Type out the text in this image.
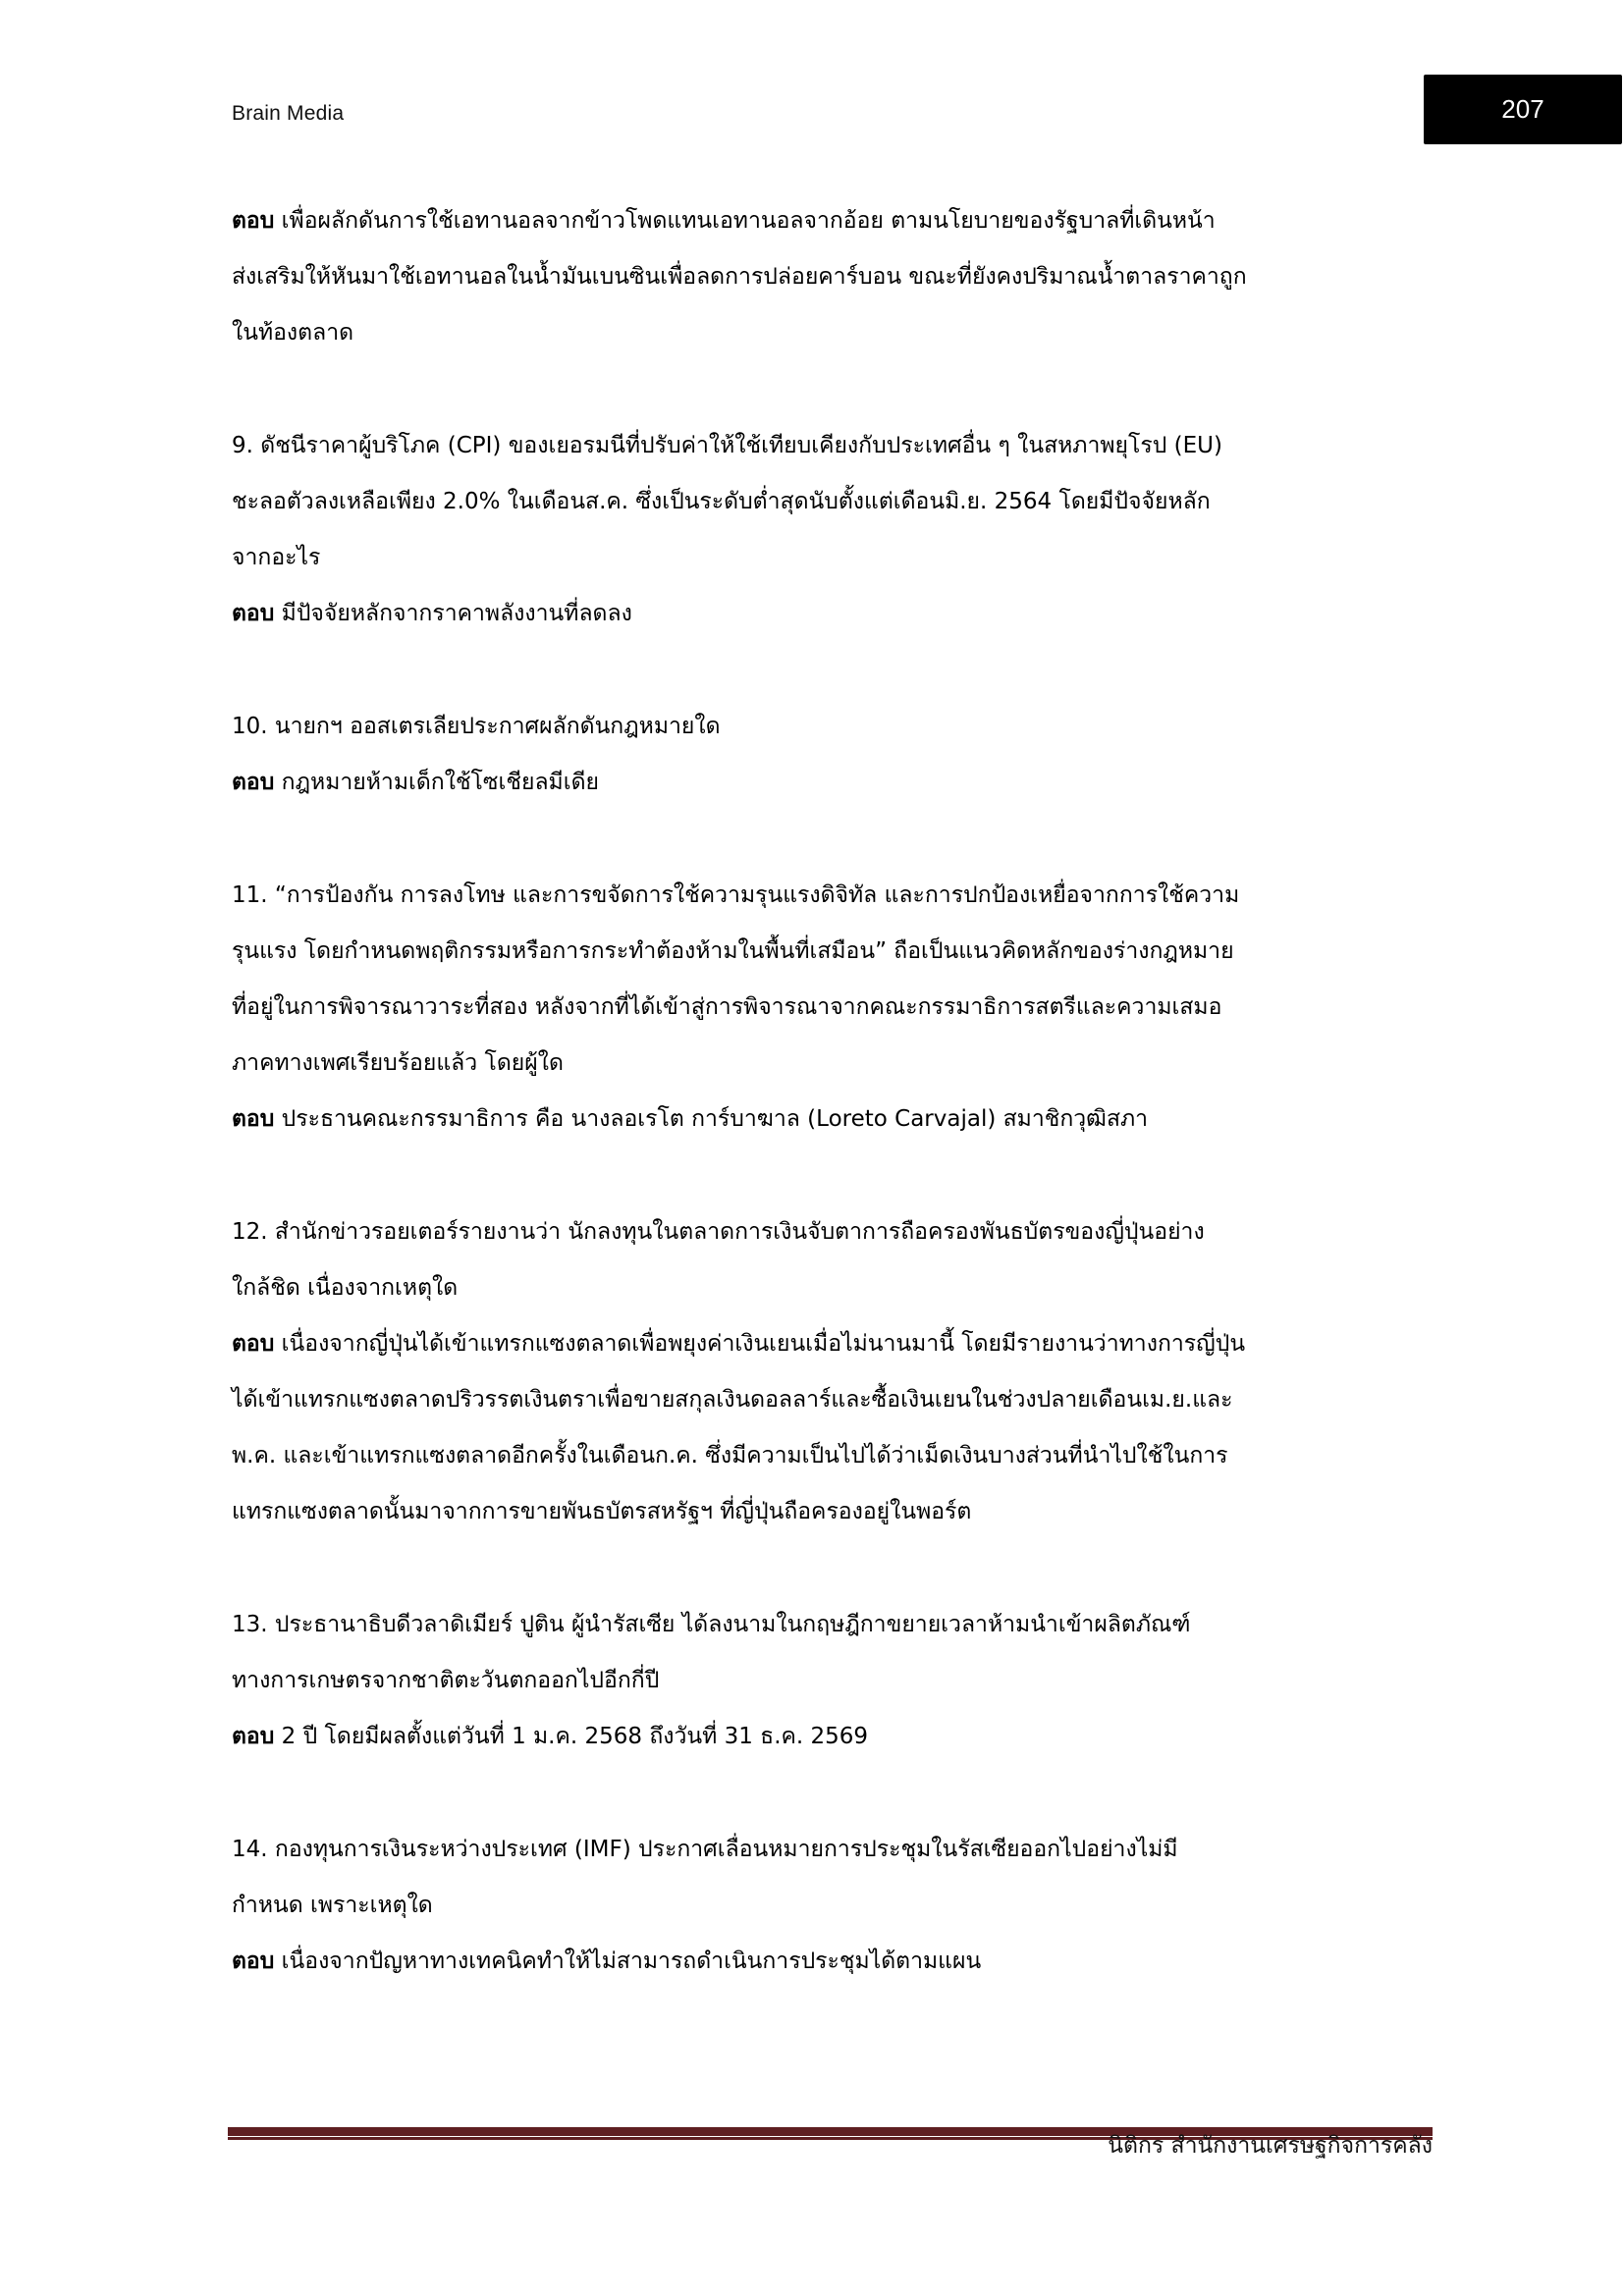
Brain Media	207
ตอบ เพื่อผลักดันการใช้เอทานอลจากข้าวโพดแทนเอทานอลจากอ้อย ตามนโยบายของรัฐบาลที่เดินหน้า
ส่งเสริมให้หันมาใช้เอทานอลในน้ำมันเบนซินเพื่อลดการปล่อยคาร์บอน ขณะที่ยังคงปริมาณน้ำตาลราคาถูก
ในท้องตลาด
9. ดัชนีราคาผู้บริโภค (CPI) ของเยอรมนีที่ปรับค่าให้ใช้เทียบเคียงกับประเทศอื่น ๆ ในสหภาพยุโรป (EU)
ชะลอตัวลงเหลือเพียง 2.0% ในเดือนส.ค. ซึ่งเป็นระดับต่ำสุดนับตั้งแต่เดือนมิ.ย. 2564 โดยมีปัจจัยหลัก
จากอะไร
ตอบ มีปัจจัยหลักจากราคาพลังงานที่ลดลง
10. นายกฯ ออสเตรเลียประกาศผลักดันกฎหมายใด
ตอบ กฎหมายห้ามเด็กใช้โซเชียลมีเดีย
11. “การป้องกัน การลงโทษ และการขจัดการใช้ความรุนแรงดิจิทัล และการปกป้องเหยื่อจากการใช้ความ
รุนแรง โดยกำหนดพฤติกรรมหรือการกระทำต้องห้ามในพื้นที่เสมือน” ถือเป็นแนวคิดหลักของร่างกฎหมาย
ที่อยู่ในการพิจารณาวาระที่สอง หลังจากที่ได้เข้าสู่การพิจารณาจากคณะกรรมาธิการสตรีและความเสมอ
ภาคทางเพศเรียบร้อยแล้ว โดยผู้ใด
ตอบ ประธานคณะกรรมาธิการ คือ นางลอเรโต การ์บาฆาล (Loreto Carvajal) สมาชิกวุฒิสภา
12. สำนักข่าวรอยเตอร์รายงานว่า นักลงทุนในตลาดการเงินจับตาการถือครองพันธบัตรของญี่ปุ่นอย่าง
ใกล้ชิด เนื่องจากเหตุใด
ตอบ เนื่องจากญี่ปุ่นได้เข้าแทรกแซงตลาดเพื่อพยุงค่าเงินเยนเมื่อไม่นานมานี้ โดยมีรายงานว่าทางการญี่ปุ่น
ได้เข้าแทรกแซงตลาดปริวรรตเงินตราเพื่อขายสกุลเงินดอลลาร์และซื้อเงินเยนในช่วงปลายเดือนเม.ย.และ
พ.ค. และเข้าแทรกแซงตลาดอีกครั้งในเดือนก.ค. ซึ่งมีความเป็นไปได้ว่าเม็ดเงินบางส่วนที่นำไปใช้ในการ
แทรกแซงตลาดนั้นมาจากการขายพันธบัตรสหรัฐฯ ที่ญี่ปุ่นถือครองอยู่ในพอร์ต
13. ประธานาธิบดีวลาดิเมียร์ ปูติน ผู้นำรัสเซีย ได้ลงนามในกฤษฎีกาขยายเวลาห้ามนำเข้าผลิตภัณฑ์
ทางการเกษตรจากชาติตะวันตกออกไปอีกกี่ปี
ตอบ 2 ปี โดยมีผลตั้งแต่วันที่ 1 ม.ค. 2568 ถึงวันที่ 31 ธ.ค. 2569
14. กองทุนการเงินระหว่างประเทศ (IMF) ประกาศเลื่อนหมายการประชุมในรัสเซียออกไปอย่างไม่มี
กำหนด เพราะเหตุใด
ตอบ เนื่องจากปัญหาทางเทคนิคทำให้ไม่สามารถดำเนินการประชุมได้ตามแผน
นิติกร สำนักงานเศรษฐกิจการคลัง
